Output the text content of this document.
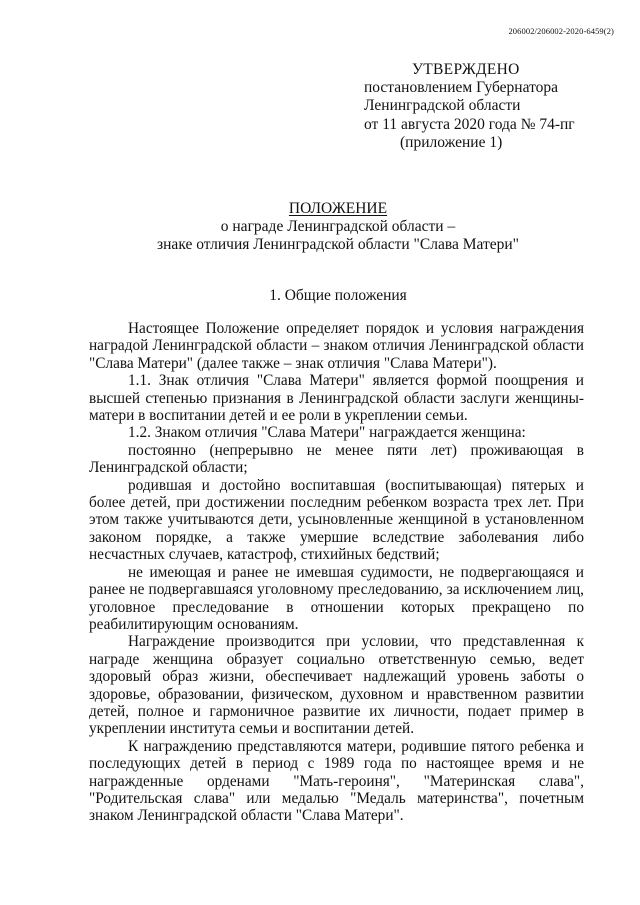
206002/206002-2020-6459(2)
УТВЕРЖДЕНО
постановлением Губернатора
Ленинградской области
от 11 августа 2020 года № 74-пг
(приложение 1)
ПОЛОЖЕНИЕ
о награде Ленинградской области –
знаке отличия Ленинградской области "Слава Матери"
1. Общие положения

Настоящее Положение определяет порядок и условия награждения наградой Ленинградской области – знаком отличия Ленинградской области "Слава Матери" (далее также – знак отличия "Слава Матери").

1.1. Знак отличия "Слава Матери" является формой поощрения и высшей степенью признания в Ленинградской области заслуги женщины-матери в воспитании детей и ее роли в укреплении семьи.

1.2. Знаком отличия "Слава Матери" награждается женщина:

постоянно (непрерывно не менее пяти лет) проживающая в Ленинградской области;

родившая и достойно воспитавшая (воспитывающая) пятерых и более детей, при достижении последним ребенком возраста трех лет. При этом также учитываются дети, усыновленные женщиной в установленном законом порядке, а также умершие вследствие заболевания либо несчастных случаев, катастроф, стихийных бедствий;

не имеющая и ранее не имевшая судимости, не подвергающаяся и ранее не подвергавшаяся уголовному преследованию, за исключением лиц, уголовное преследование в отношении которых прекращено по реабилитирующим основаниям.

Награждение производится при условии, что представленная к награде женщина образует социально ответственную семью, ведет здоровый образ жизни, обеспечивает надлежащий уровень заботы о здоровье, образовании, физическом, духовном и нравственном развитии детей, полное и гармоничное развитие их личности, подает пример в укреплении института семьи и воспитании детей.

К награждению представляются матери, родившие пятого ребенка и последующих детей в период с 1989 года по настоящее время и не награжденные орденами "Мать-героиня", "Материнская слава", "Родительская слава" или медалью "Медаль материнства", почетным знаком Ленинградской области "Слава Матери".
